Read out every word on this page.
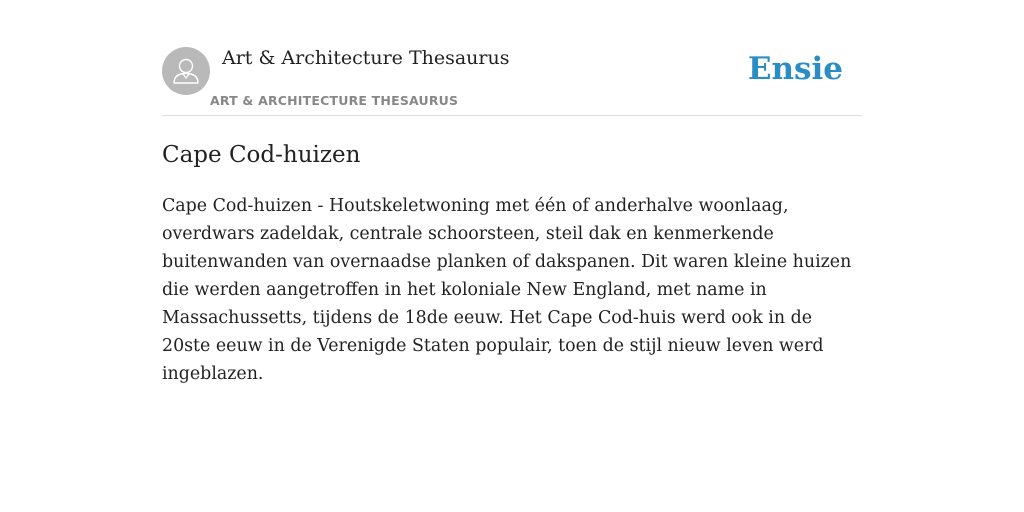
Art & Architecture Thesaurus
ART & ARCHITECTURE THESAURUS
Ensie
Cape Cod-huizen

Cape Cod-huizen - Houtskeletwoning met één of anderhalve woonlaag, overdwars zadeldak, centrale schoorsteen, steil dak en kenmerkende buitenwanden van overnaadse planken of dakspanen. Dit waren kleine huizen die werden aangetroffen in het koloniale New England, met name in Massachussetts, tijdens de 18de eeuw. Het Cape Cod-huis werd ook in de 20ste eeuw in de Verenigde Staten populair, toen de stijl nieuw leven werd ingeblazen.
